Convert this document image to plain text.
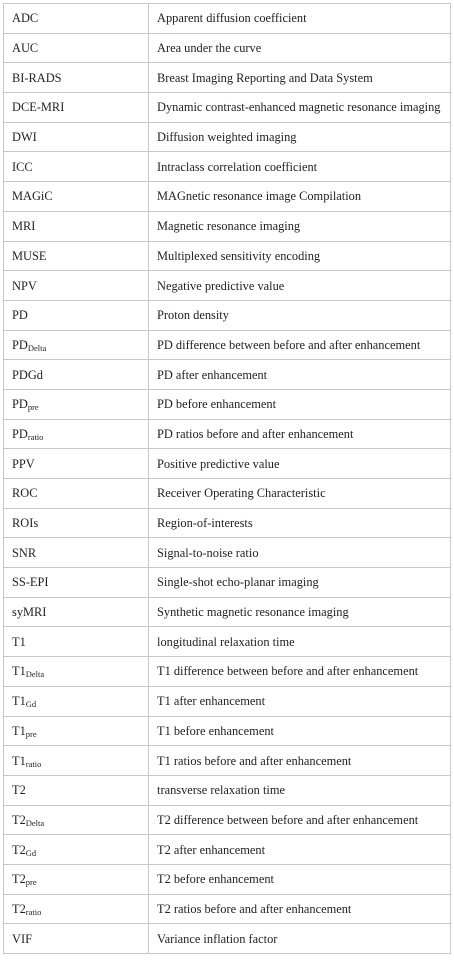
ADC	Apparent diffusion coefficient
AUC	Area under the curve
BI-RADS	Breast Imaging Reporting and Data System
DCE-MRI	Dynamic contrast-enhanced magnetic resonance imaging
DWI	Diffusion weighted imaging
ICC	Intraclass correlation coefficient
MAGiC	MAGnetic resonance image Compilation
MRI	Magnetic resonance imaging
MUSE	Multiplexed sensitivity encoding
NPV	Negative predictive value
PD	Proton density
$PD_{Delta}$	PD difference between before and after enhancement
PDGd	PD after enhancement
$PD_{pre}$	PD before enhancement
$PD_{ratio}$	PD ratios before and after enhancement
PPV	Positive predictive value
ROC	Receiver Operating Characteristic
ROIs	Region-of-interests
SNR	Signal-to-noise ratio
SS-EPI	Single-shot echo-planar imaging
syMRI	Synthetic magnetic resonance imaging
T1	longitudinal relaxation time
$T1_{Delta}$	T1 difference between before and after enhancement
$T1_{Gd}$	T1 after enhancement
$T1_{pre}$	T1 before enhancement
$T1_{ratio}$	T1 ratios before and after enhancement
T2	transverse relaxation time
$T2_{Delta}$	T2 difference between before and after enhancement
$T2_{Gd}$	T2 after enhancement
$T2_{pre}$	T2 before enhancement
$T2_{ratio}$	T2 ratios before and after enhancement
VIF	Variance inflation factor
